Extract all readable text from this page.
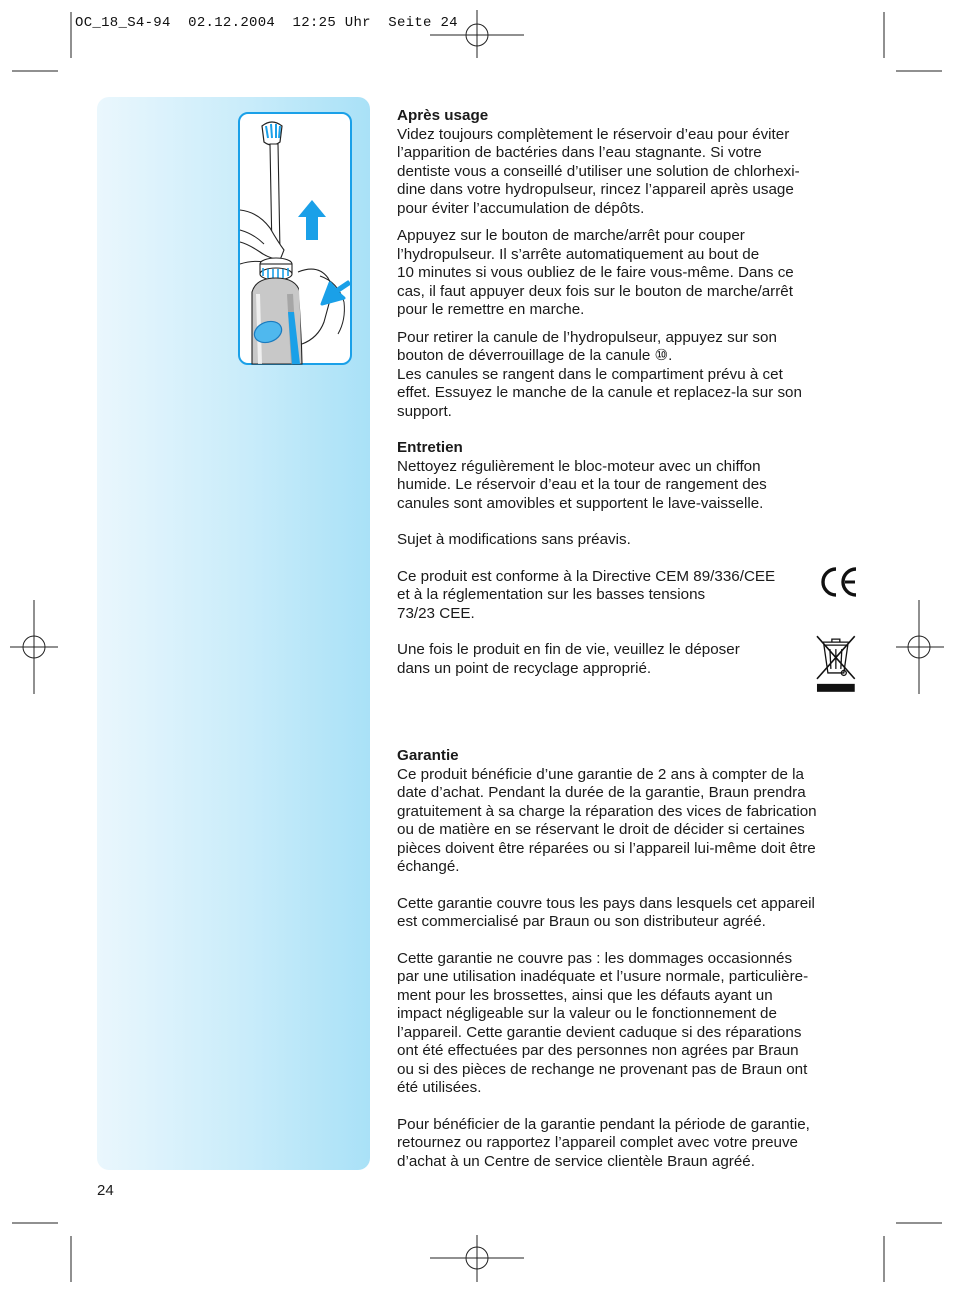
OC_18_S4-94  02.12.2004  12:25 Uhr  Seite 24

Après usage

Videz toujours complètement le réservoir d’eau pour éviter
l’apparition de bactéries dans l’eau stagnante. Si votre
dentiste vous a conseillé d’utiliser une solution de chlorhexi-
dine dans votre hydropulseur, rincez l’appareil après usage
pour éviter l’accumulation de dépôts.

Appuyez sur le bouton de marche/arrêt pour couper
l’hydropulseur. Il s’arrête automatiquement au bout de
10 minutes si vous oubliez de le faire vous-même. Dans ce
cas, il faut appuyer deux fois sur le bouton de marche/arrêt
pour le remettre en marche.

Pour retirer la canule de l’hydropulseur, appuyez sur son
bouton de déverrouillage de la canule ⑩.
Les canules se rangent dans le compartiment prévu à cet
effet. Essuyez le manche de la canule et replacez-la sur son
support.

Entretien

Nettoyez régulièrement le bloc-moteur avec un chiffon
humide. Le réservoir d’eau et la tour de rangement des
canules sont amovibles et supportent le lave-vaisselle.

Sujet à modifications sans préavis.

Ce produit est conforme à la Directive CEM 89/336/CEE
et à la réglementation sur les basses tensions
73/23 CEE.

Une fois le produit en fin de vie, veuillez le déposer
dans un point de recyclage approprié.

Garantie

Ce produit bénéficie d’une garantie de 2 ans à compter de la
date d’achat. Pendant la durée de la garantie, Braun prendra
gratuitement à sa charge la réparation des vices de fabrication
ou de matière en se réservant le droit de décider si certaines
pièces doivent être réparées ou si l’appareil lui-même doit être
échangé.

Cette garantie couvre tous les pays dans lesquels cet appareil
est commercialisé par Braun ou son distributeur agréé.

Cette garantie ne couvre pas : les dommages occasionnés
par une utilisation inadéquate et l’usure normale, particulière-
ment pour les brossettes, ainsi que les défauts ayant un
impact négligeable sur la valeur ou le fonctionnement de
l’appareil. Cette garantie devient caduque si des réparations
ont été effectuées par des personnes non agrées par Braun
ou si des pièces de rechange ne provenant pas de Braun ont
été utilisées.

Pour bénéficier de la garantie pendant la période de garantie,
retournez ou rapportez l’appareil complet avec votre preuve
d’achat à un Centre de service clientèle Braun agréé.

24
